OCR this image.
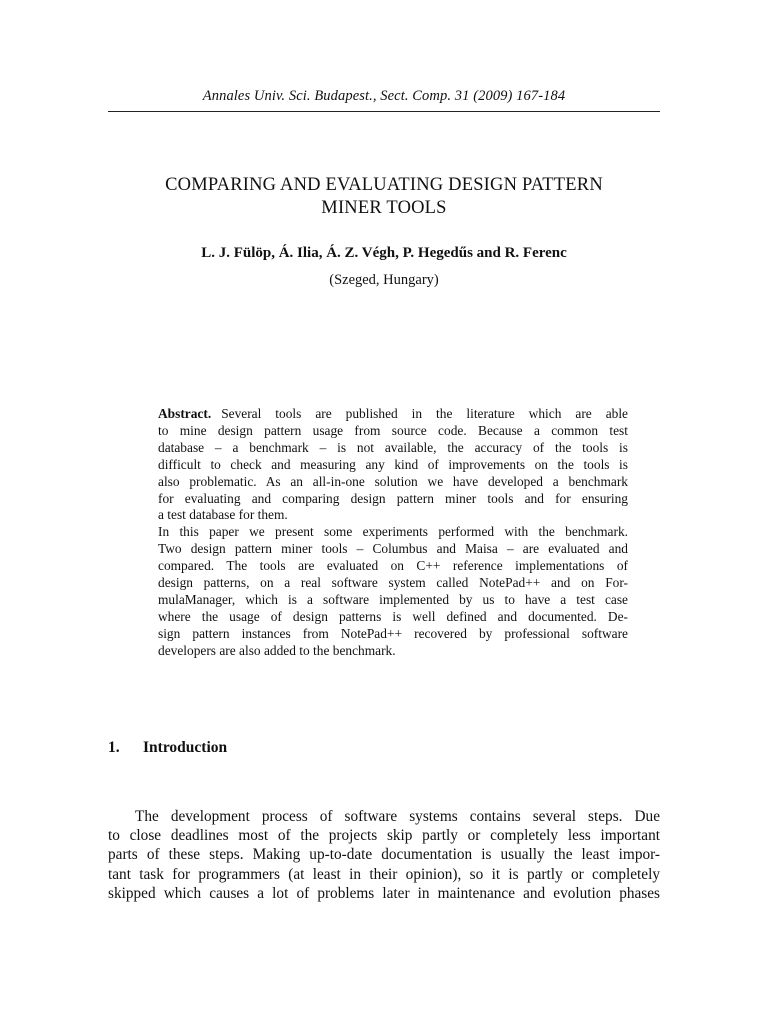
Annales Univ. Sci. Budapest., Sect. Comp. 31 (2009) 167-184
COMPARING AND EVALUATING DESIGN PATTERN
MINER TOOLS
L. J. Fülöp, Á. Ilia, Á. Z. Végh, P. Hegedűs and R. Ferenc
(Szeged, Hungary)
Abstract. Several tools are published in the literature which are able
to mine design pattern usage from source code. Because a common test
database – a benchmark – is not available, the accuracy of the tools is
difficult to check and measuring any kind of improvements on the tools is
also problematic. As an all-in-one solution we have developed a benchmark
for evaluating and comparing design pattern miner tools and for ensuring
a test database for them.
In this paper we present some experiments performed with the benchmark.
Two design pattern miner tools – Columbus and Maisa – are evaluated and
compared. The tools are evaluated on C++ reference implementations of
design patterns, on a real software system called NotePad++ and on For-
mulaManager, which is a software implemented by us to have a test case
where the usage of design patterns is well defined and documented. De-
sign pattern instances from NotePad++ recovered by professional software
developers are also added to the benchmark.
1. Introduction
The development process of software systems contains several steps. Due
to close deadlines most of the projects skip partly or completely less important
parts of these steps. Making up-to-date documentation is usually the least impor-
tant task for programmers (at least in their opinion), so it is partly or completely
skipped which causes a lot of problems later in maintenance and evolution phases
